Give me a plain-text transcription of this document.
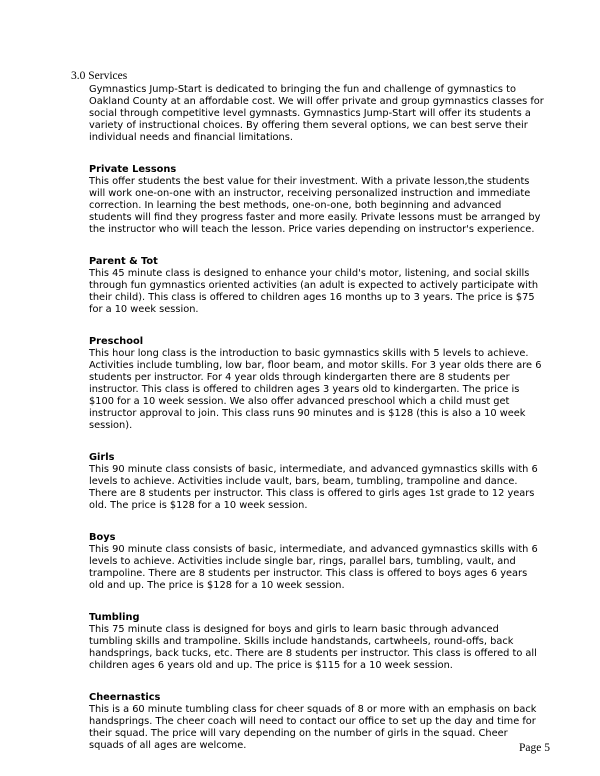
3.0 Services

Gymnastics Jump-Start is dedicated to bringing the fun and challenge of gymnastics to Oakland County at an affordable cost. We will offer private and group gymnastics classes for social through competitive level gymnasts. Gymnastics Jump-Start will offer its students a variety of instructional choices. By offering them several options, we can best serve their individual needs and financial limitations.

Private Lessons

This offer students the best value for their investment. With a private lesson,the students will work one-on-one with an instructor, receiving personalized instruction and immediate correction. In learning the best methods, one-on-one, both beginning and advanced students will find they progress faster and more easily. Private lessons must be arranged by the instructor who will teach the lesson. Price varies depending on instructor's experience.

Parent & Tot

This 45 minute class is designed to enhance your child's motor, listening, and social skills through fun gymnastics oriented activities (an adult is expected to actively participate with their child). This class is offered to children ages 16 months up to 3 years. The price is $75 for a 10 week session.

Preschool

This hour long class is the introduction to basic gymnastics skills with 5 levels to achieve. Activities include tumbling, low bar, floor beam, and motor skills. For 3 year olds there are 6 students per instructor. For 4 year olds through kindergarten there are 8 students per instructor. This class is offered to children ages 3 years old to kindergarten. The price is $100 for a 10 week session. We also offer advanced preschool which a child must get instructor approval to join. This class runs 90 minutes and is $128 (this is also a 10 week session).

Girls

This 90 minute class consists of basic, intermediate, and advanced gymnastics skills with 6 levels to achieve. Activities include vault, bars, beam, tumbling, trampoline and dance. There are 8 students per instructor. This class is offered to girls ages 1st grade to 12 years old. The price is $128 for a 10 week session.

Boys

This 90 minute class consists of basic, intermediate, and advanced gymnastics skills with 6 levels to achieve. Activities include single bar, rings, parallel bars, tumbling, vault, and trampoline. There are 8 students per instructor. This class is offered to boys ages 6 years old and up. The price is $128 for a 10 week session.

Tumbling

This 75 minute class is designed for boys and girls to learn basic through advanced tumbling skills and trampoline. Skills include handstands, cartwheels, round-offs, back handsprings, back tucks, etc. There are 8 students per instructor. This class is offered to all children ages 6 years old and up. The price is $115 for a 10 week session.

Cheernastics

This is a 60 minute tumbling class for cheer squads of 8 or more with an emphasis on back handsprings. The cheer coach will need to contact our office to set up the day and time for their squad. The price will vary depending on the number of girls in the squad. Cheer squads of all ages are welcome.	Page 5
